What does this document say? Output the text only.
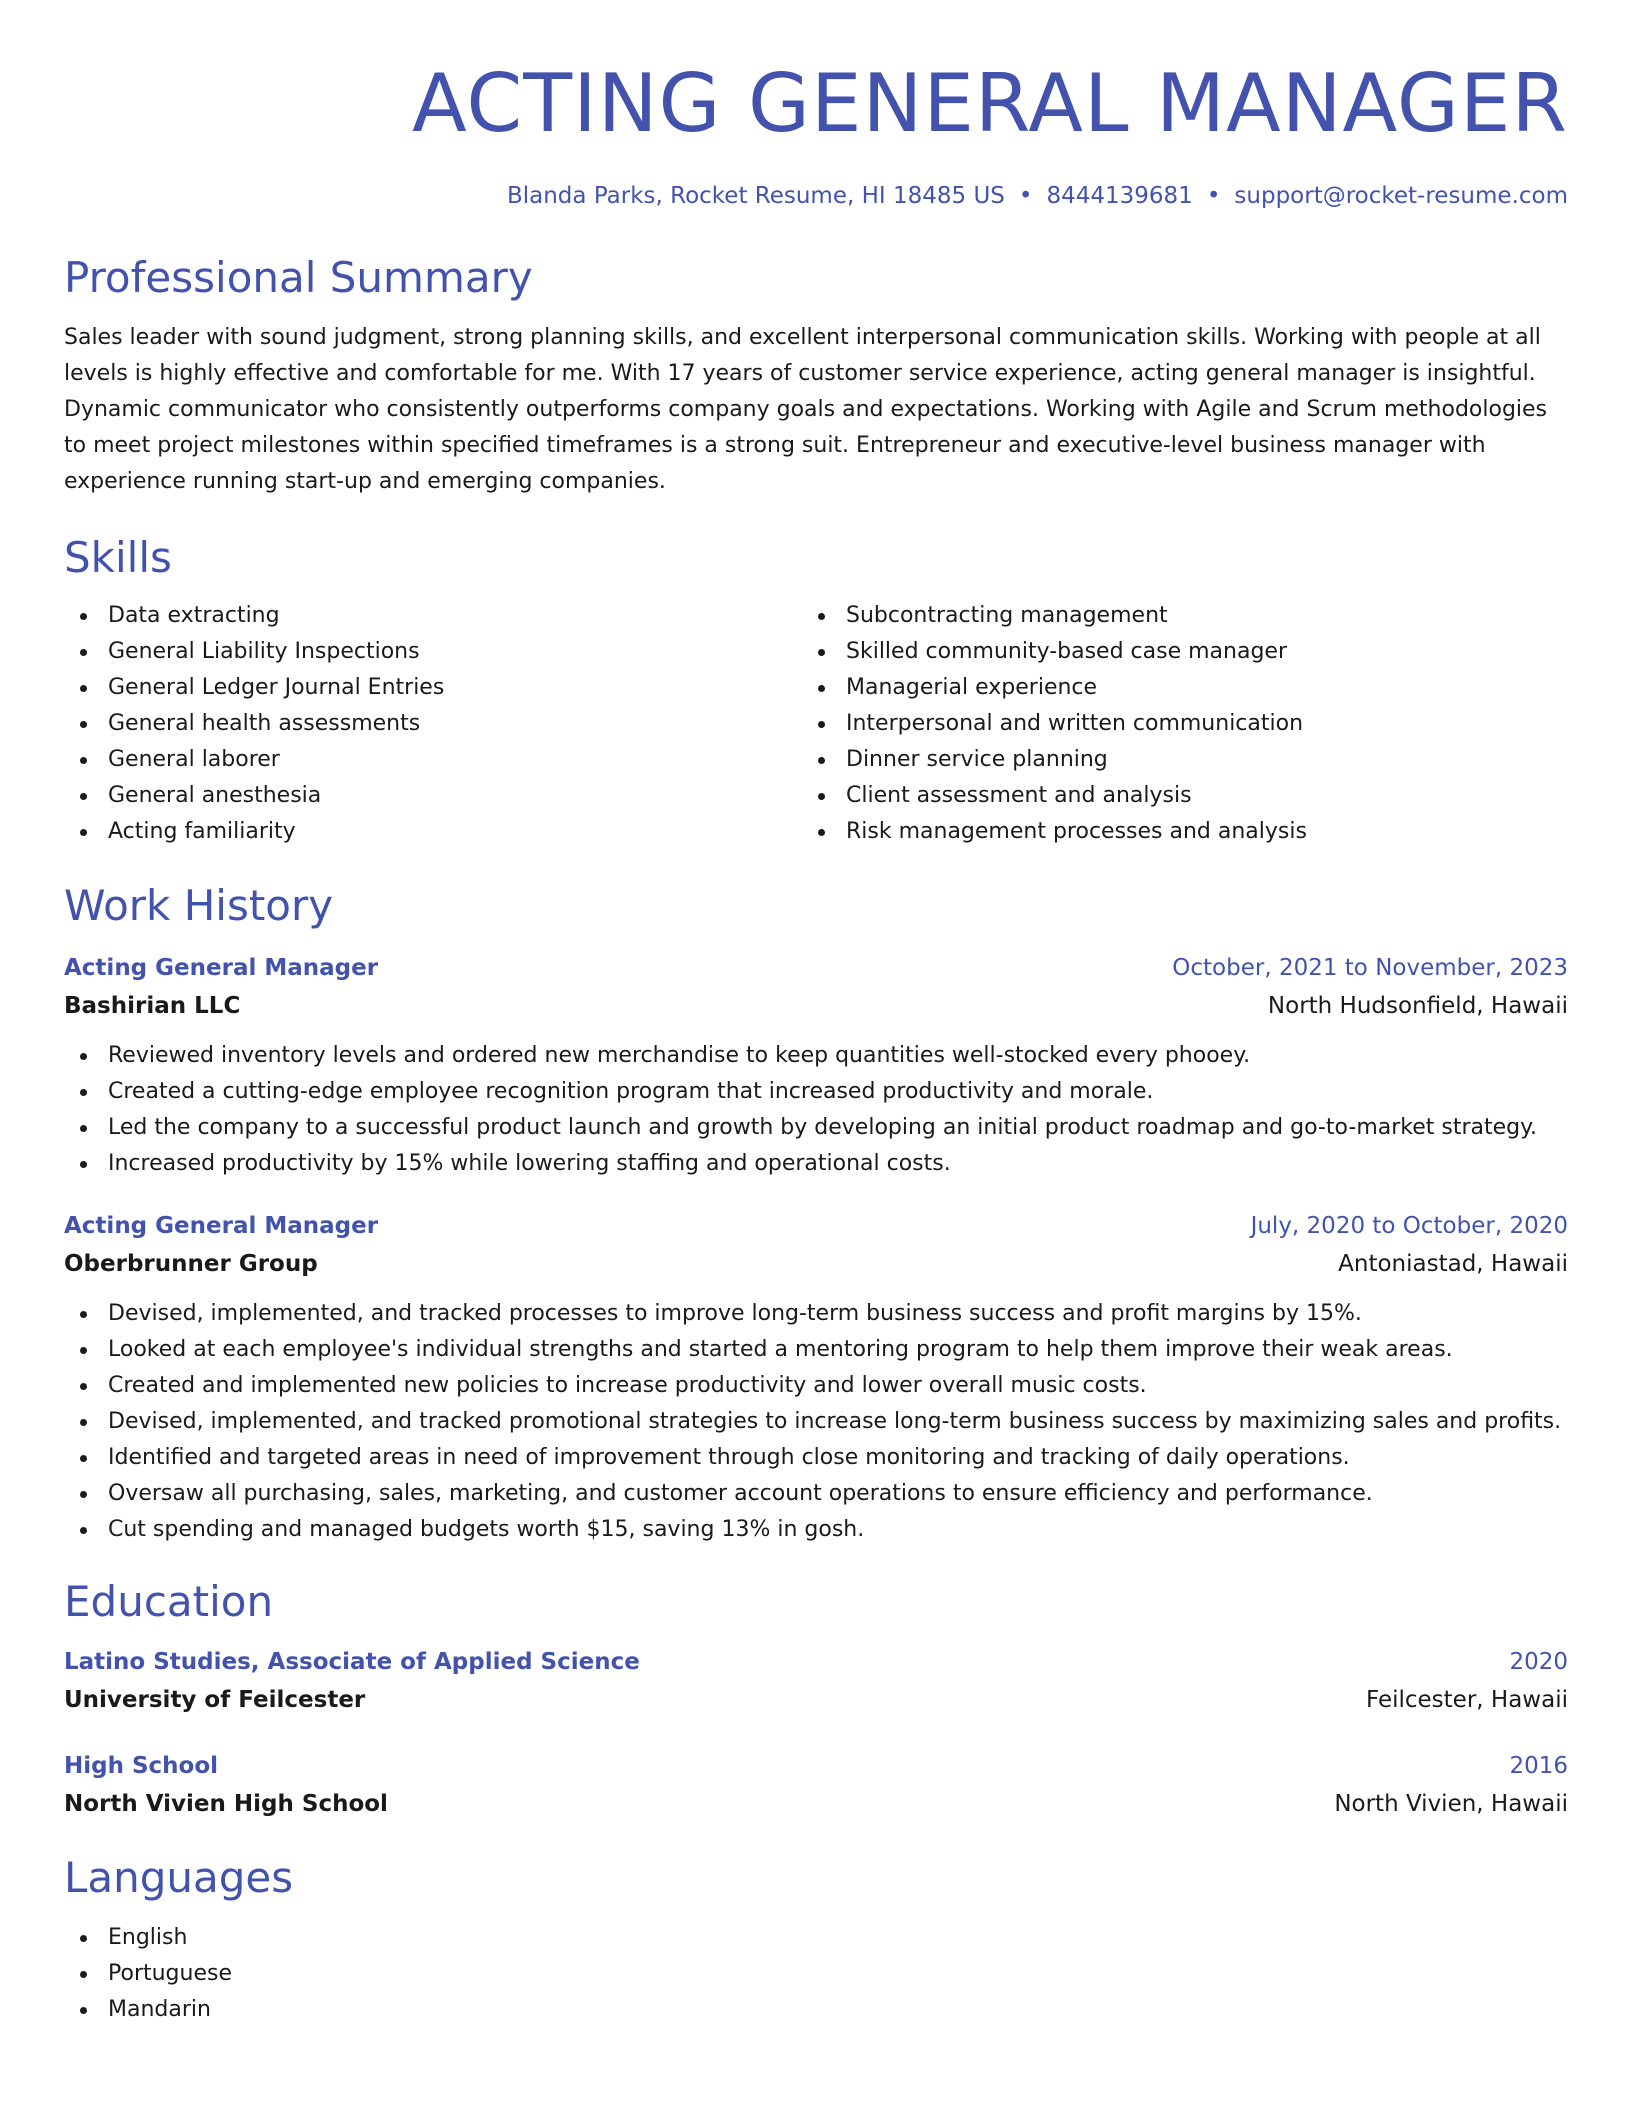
ACTING GENERAL MANAGER
Blanda Parks, Rocket Resume, HI 18485 US • 8444139681 • support@rocket-resume.com
Professional Summary

Sales leader with sound judgment, strong planning skills, and excellent interpersonal communication skills. Working with people at all levels is highly effective and comfortable for me. With 17 years of customer service experience, acting general manager is insightful. Dynamic communicator who consistently outperforms company goals and expectations. Working with Agile and Scrum methodologies to meet project milestones within specified timeframes is a strong suit. Entrepreneur and executive-level business manager with experience running start-up and emerging companies.

Skills
Data extracting
General Liability Inspections
General Ledger Journal Entries
General health assessments
General laborer
General anesthesia
Acting familiarity
Subcontracting management
Skilled community-based case manager
Managerial experience
Interpersonal and written communication
Dinner service planning
Client assessment and analysis
Risk management processes and analysis
Work History
Acting General Manager	October, 2021 to November, 2023
Bashirian LLC	North Hudsonfield, Hawaii
Reviewed inventory levels and ordered new merchandise to keep quantities well-stocked every phooey.
Created a cutting-edge employee recognition program that increased productivity and morale.
Led the company to a successful product launch and growth by developing an initial product roadmap and go-to-market strategy.
Increased productivity by 15% while lowering staffing and operational costs.
Acting General Manager	July, 2020 to October, 2020
Oberbrunner Group	Antoniastad, Hawaii
Devised, implemented, and tracked processes to improve long-term business success and profit margins by 15%.
Looked at each employee's individual strengths and started a mentoring program to help them improve their weak areas.
Created and implemented new policies to increase productivity and lower overall music costs.
Devised, implemented, and tracked promotional strategies to increase long-term business success by maximizing sales and profits.
Identified and targeted areas in need of improvement through close monitoring and tracking of daily operations.
Oversaw all purchasing, sales, marketing, and customer account operations to ensure efficiency and performance.
Cut spending and managed budgets worth $15, saving 13% in gosh.
Education
Latino Studies, Associate of Applied Science	2020
University of Feilcester	Feilcester, Hawaii
High School	2016
North Vivien High School	North Vivien, Hawaii
Languages
English
Portuguese
Mandarin
